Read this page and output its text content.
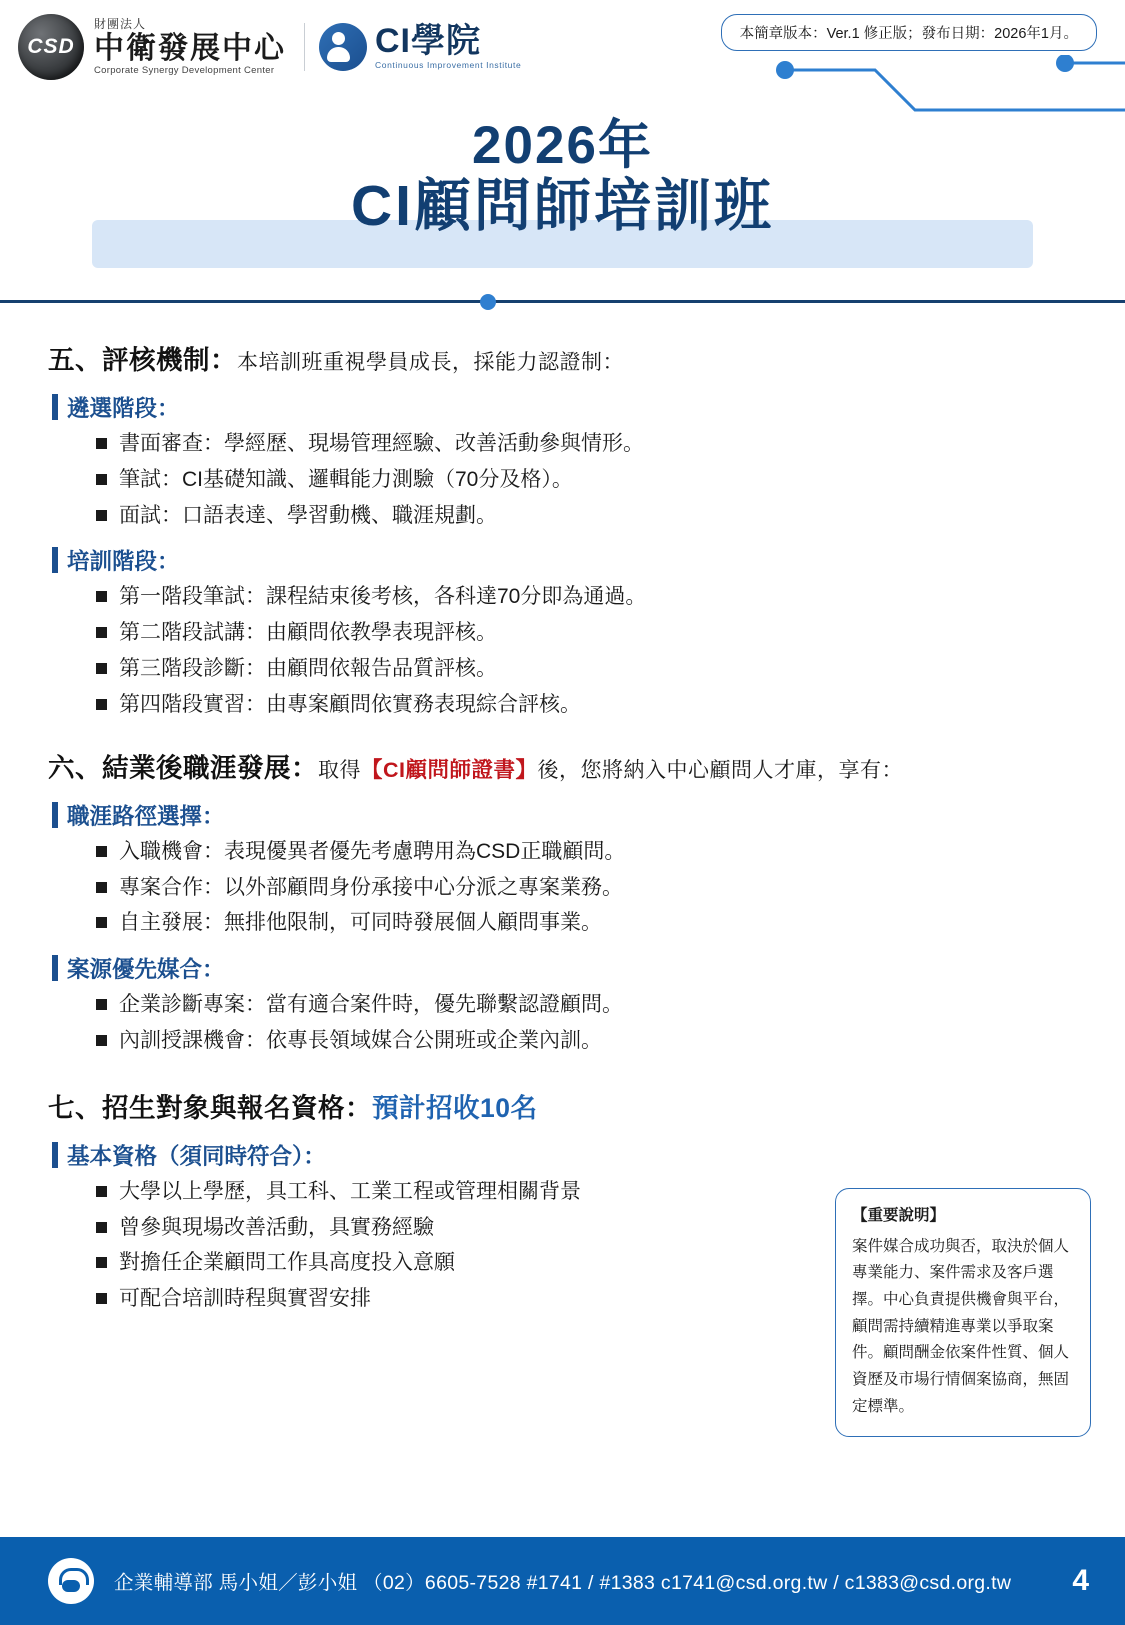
CSD
財團法人
中衛發展中心
Corporate Synergy Development Center
CI學院
Continuous Improvement Institute
本簡章版本：Ver.1 修正版；發布日期：2026年1月。
2026年
CI顧問師培訓班
五、評核機制：本培訓班重視學員成長，採能力認證制：
遴選階段：
書面審查：學經歷、現場管理經驗、改善活動參與情形。
筆試：CI基礎知識、邏輯能力測驗（70分及格）。
面試：口語表達、學習動機、職涯規劃。
培訓階段：
第一階段筆試：課程結束後考核，各科達70分即為通過。
第二階段試講：由顧問依教學表現評核。
第三階段診斷：由顧問依報告品質評核。
第四階段實習：由專案顧問依實務表現綜合評核。
六、結業後職涯發展：取得【CI顧問師證書】後，您將納入中心顧問人才庫，享有：
職涯路徑選擇：
入職機會：表現優異者優先考慮聘用為CSD正職顧問。
專案合作：以外部顧問身份承接中心分派之專案業務。
自主發展：無排他限制，可同時發展個人顧問事業。
案源優先媒合：
企業診斷專案：當有適合案件時，優先聯繫認證顧問。
內訓授課機會：依專長領域媒合公開班或企業內訓。
七、招生對象與報名資格：預計招收10名
基本資格（須同時符合）：
大學以上學歷，具工科、工業工程或管理相關背景
曾參與現場改善活動，具實務經驗
對擔任企業顧問工作具高度投入意願
可配合培訓時程與實習安排
【重要說明】
案件媒合成功與否，取決於個人專業能力、案件需求及客戶選擇。中心負責提供機會與平台，顧問需持續精進專業以爭取案件。顧問酬金依案件性質、個人資歷及市場行情個案協商，無固定標準。
企業輔導部 馬小姐／彭小姐 （02）6605-7528 #1741 / #1383 c1741@csd.org.tw / c1383@csd.org.tw 4
